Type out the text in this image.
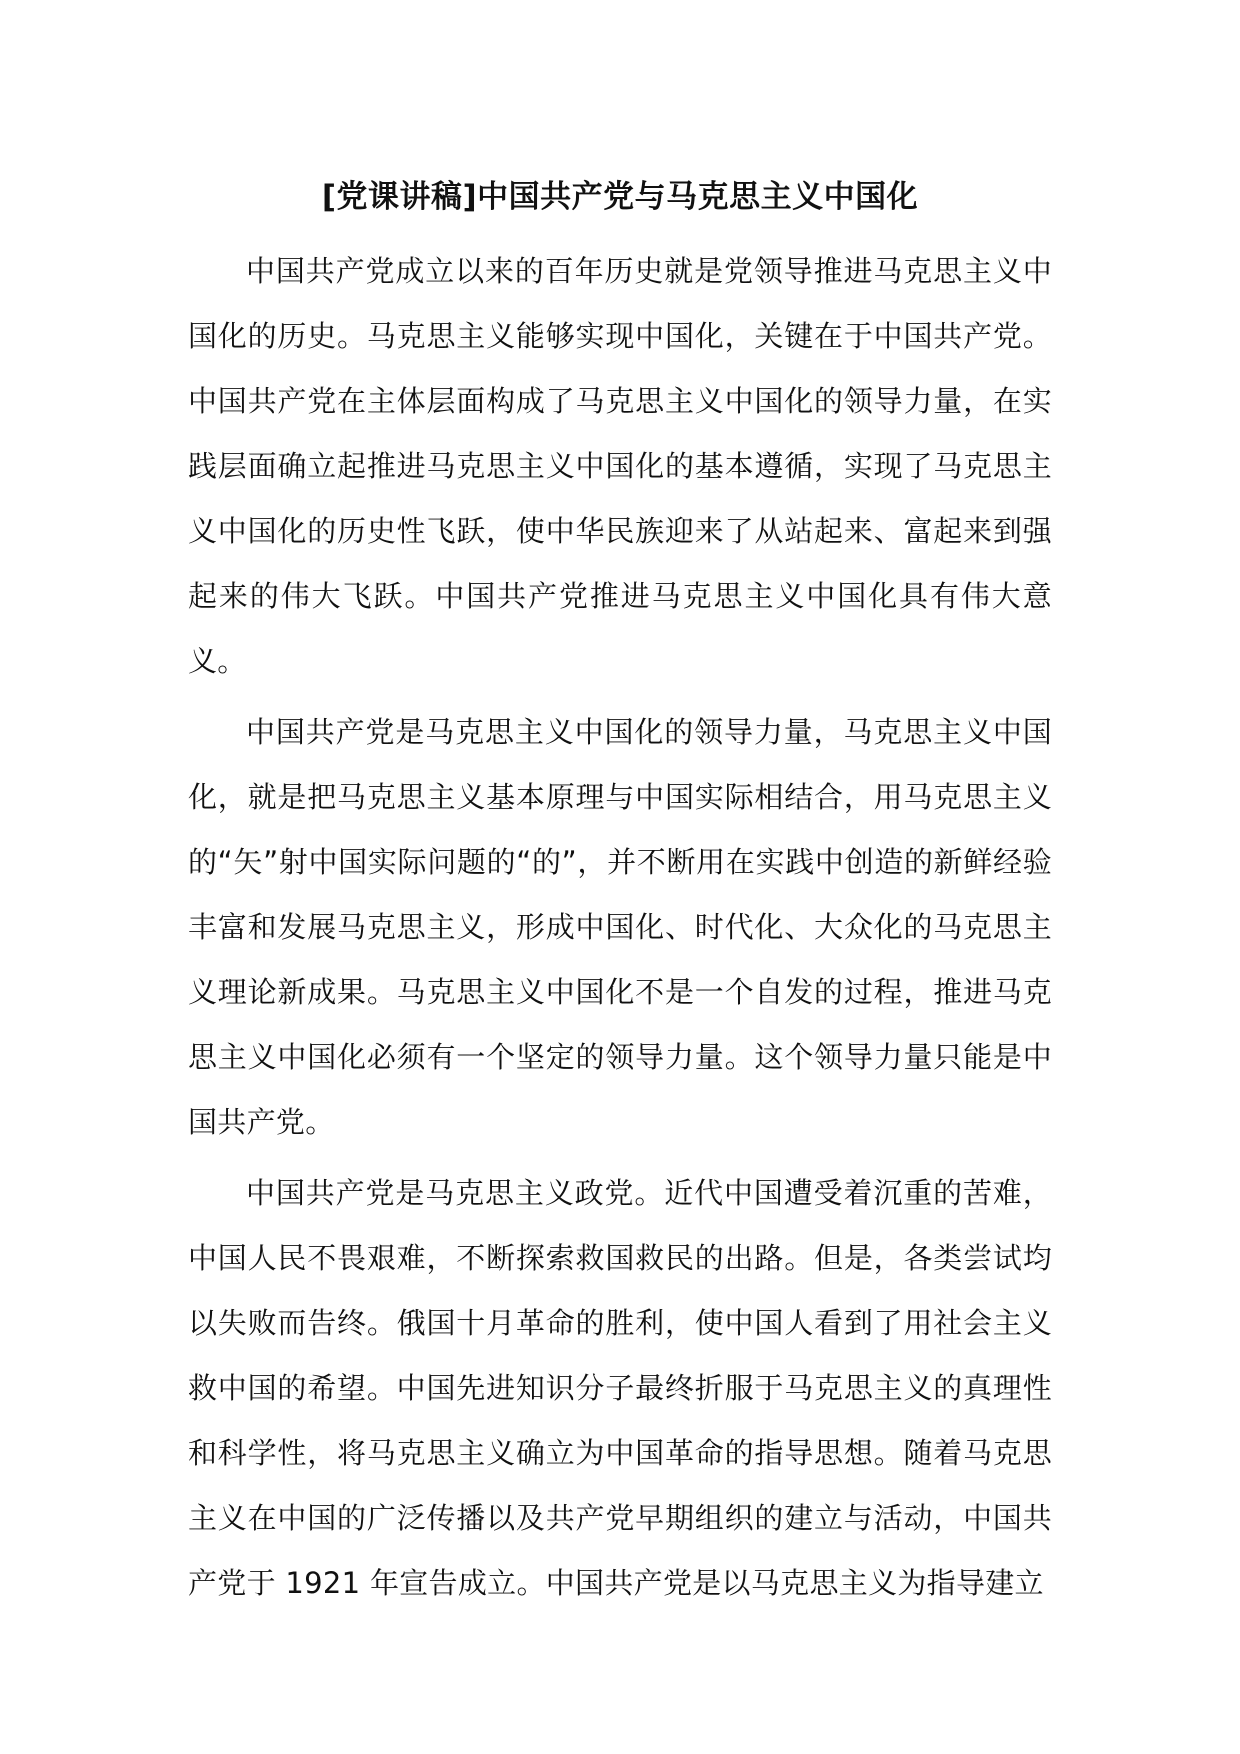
[党课讲稿]中国共产党与马克思主义中国化

中国共产党成立以来的百年历史就是党领导推进马克思主义中国化的历史。马克思主义能够实现中国化，关键在于中国共产党。中国共产党在主体层面构成了马克思主义中国化的领导力量，在实践层面确立起推进马克思主义中国化的基本遵循，实现了马克思主义中国化的历史性飞跃，使中华民族迎来了从站起来、富起来到强起来的伟大飞跃。中国共产党推进马克思主义中国化具有伟大意义。

中国共产党是马克思主义中国化的领导力量，马克思主义中国化，就是把马克思主义基本原理与中国实际相结合，用马克思主义的“矢”射中国实际问题的“的”，并不断用在实践中创造的新鲜经验丰富和发展马克思主义，形成中国化、时代化、大众化的马克思主义理论新成果。马克思主义中国化不是一个自发的过程，推进马克思主义中国化必须有一个坚定的领导力量。这个领导力量只能是中国共产党。

中国共产党是马克思主义政党。近代中国遭受着沉重的苦难，中国人民不畏艰难，不断探索救国救民的出路。但是，各类尝试均以失败而告终。俄国十月革命的胜利，使中国人看到了用社会主义救中国的希望。中国先进知识分子最终折服于马克思主义的真理性和科学性，将马克思主义确立为中国革命的指导思想。随着马克思主义在中国的广泛传播以及共产党早期组织的建立与活动，中国共产党于 1921 年宣告成立。中国共产党是以马克思主义为指导建立
